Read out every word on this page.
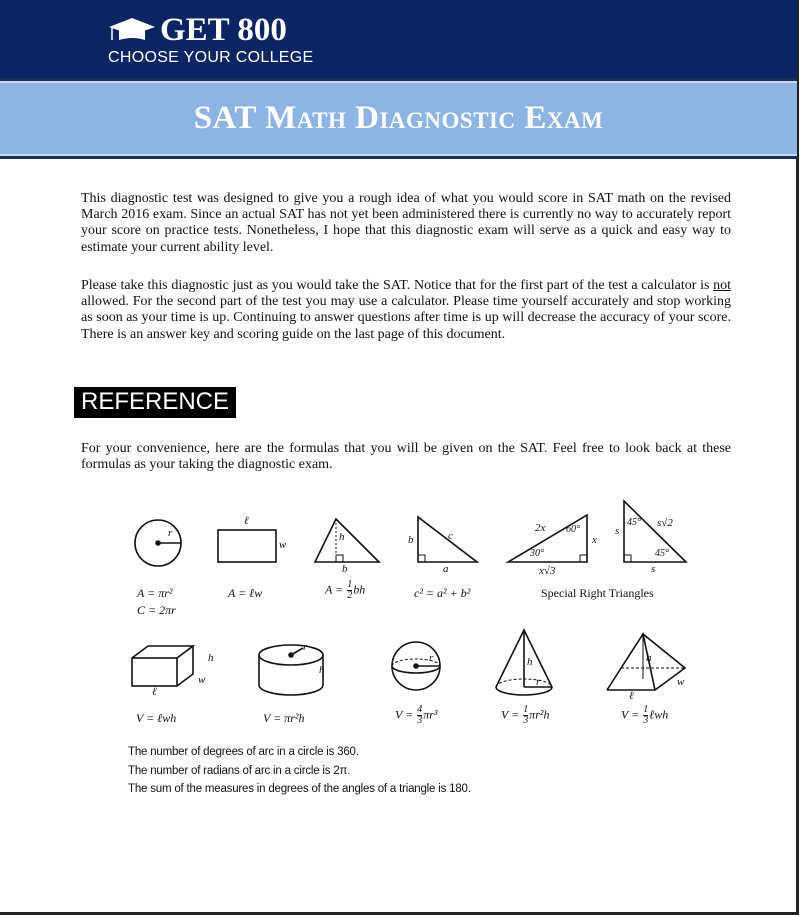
GET 800
CHOOSE YOUR COLLEGE
SAT Math Diagnostic Exam
This diagnostic test was designed to give you a rough idea of what you would score in SAT math on the revised March 2016 exam. Since an actual SAT has not yet been administered there is currently no way to accurately report your score on practice tests. Nonetheless, I hope that this diagnostic exam will serve as a quick and easy way to estimate your current ability level.
Please take this diagnostic just as you would take the SAT. Notice that for the first part of the test a calculator is not allowed. For the second part of the test you may use a calculator. Please time yourself accurately and stop working as soon as your time is up. Continuing to answer questions after time is up will decrease the accuracy of your score. There is an answer key and scoring guide on the last page of this document.
REFERENCE
For your convenience, here are the formulas that you will be given on the SAT. Feel free to look back at these formulas as your taking the diagnostic exam.
r
ℓ
w
h
b
b	c
a
2x 60°
x
30°
x√3
45°
s
s√2
45°
s
A = πr²
C = 2πr
A = ℓw	$A = \frac{1}{2}$ bh	c² = a² + b²	Special Right Triangles
h
w
ℓ
r
h
r	h
r
h
w
ℓ
V = ℓwh	V = πr²h	$V = \frac{4}{3} \pi r^3$	$V = \frac{1}{3} \pi r^2h$	$V = \frac{1}{3}$ ℓwh
The number of degrees of arc in a circle is 360.
The number of radians of arc in a circle is 2π.
The sum of the measures in degrees of the angles of a triangle is 180.
